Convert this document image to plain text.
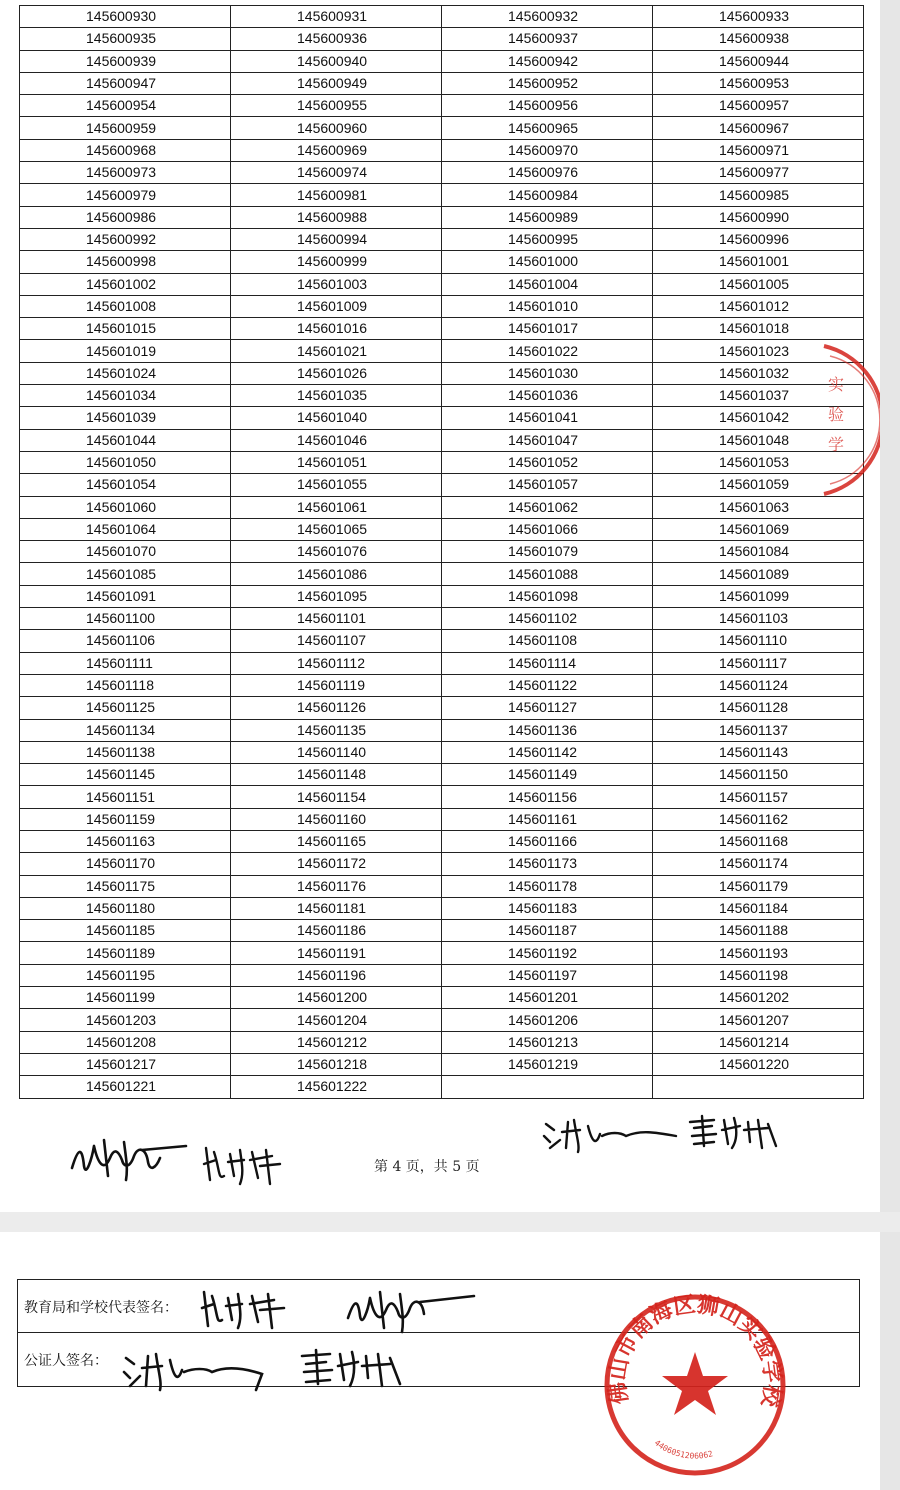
145600930	145600931	145600932	145600933
145600935	145600936	145600937	145600938
145600939	145600940	145600942	145600944
145600947	145600949	145600952	145600953
145600954	145600955	145600956	145600957
145600959	145600960	145600965	145600967
145600968	145600969	145600970	145600971
145600973	145600974	145600976	145600977
145600979	145600981	145600984	145600985
145600986	145600988	145600989	145600990
145600992	145600994	145600995	145600996
145600998	145600999	145601000	145601001
145601002	145601003	145601004	145601005
145601008	145601009	145601010	145601012
145601015	145601016	145601017	145601018
145601019	145601021	145601022	145601023
145601024	145601026	145601030	145601032
145601034	145601035	145601036	145601037
145601039	145601040	145601041	145601042
145601044	145601046	145601047	145601048
145601050	145601051	145601052	145601053
145601054	145601055	145601057	145601059
145601060	145601061	145601062	145601063
145601064	145601065	145601066	145601069
145601070	145601076	145601079	145601084
145601085	145601086	145601088	145601089
145601091	145601095	145601098	145601099
145601100	145601101	145601102	145601103
145601106	145601107	145601108	145601110
145601111	145601112	145601114	145601117
145601118	145601119	145601122	145601124
145601125	145601126	145601127	145601128
145601134	145601135	145601136	145601137
145601138	145601140	145601142	145601143
145601145	145601148	145601149	145601150
145601151	145601154	145601156	145601157
145601159	145601160	145601161	145601162
145601163	145601165	145601166	145601168
145601170	145601172	145601173	145601174
145601175	145601176	145601178	145601179
145601180	145601181	145601183	145601184
145601185	145601186	145601187	145601188
145601189	145601191	145601192	145601193
145601195	145601196	145601197	145601198
145601199	145601200	145601201	145601202
145601203	145601204	145601206	145601207
145601208	145601212	145601213	145601214
145601217	145601218	145601219	145601220
145601221	145601222		
第 4 页，共 5 页
实
验
学
教育局和学校代表签名：
公证人签名：
佛山市南海区狮山实验学校
4406051206062
